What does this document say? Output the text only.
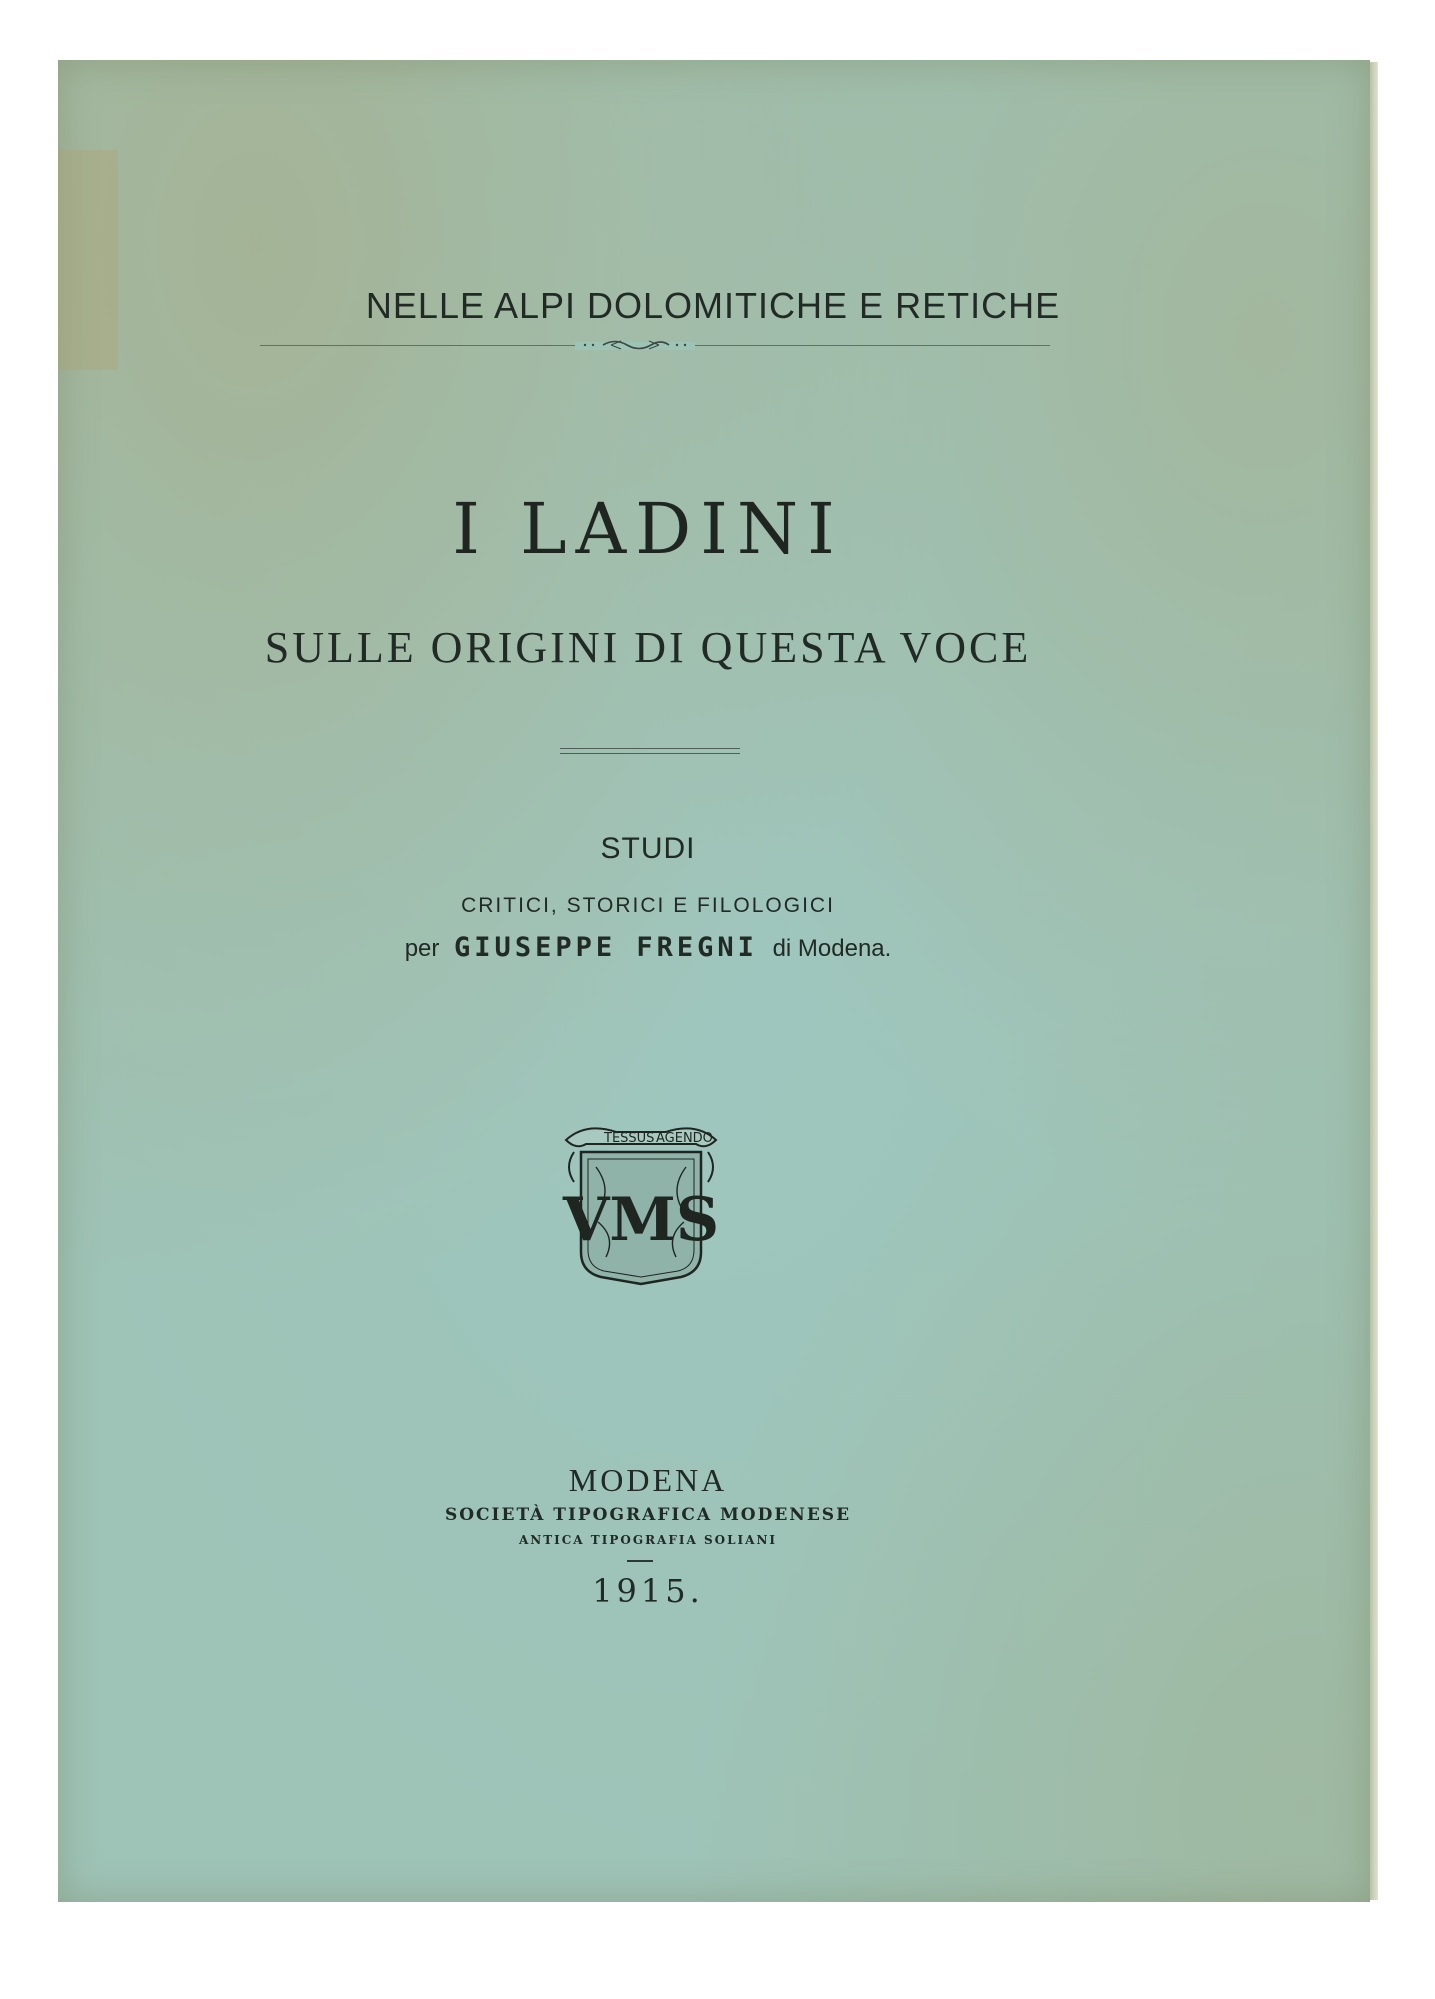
NELLE ALPI DOLOMITICHE E RETICHE

I LADINI

SULLE ORIGINI DI QUESTA VOCE

STUDI

CRITICI, STORICI E FILOLOGICI

per GIUSEPPE FREGNI di Modena.

TESSUS AGENDO
VMS

MODENA

SOCIETÀ TIPOGRAFICA MODENESE

ANTICA TIPOGRAFIA SOLIANI

1915.
